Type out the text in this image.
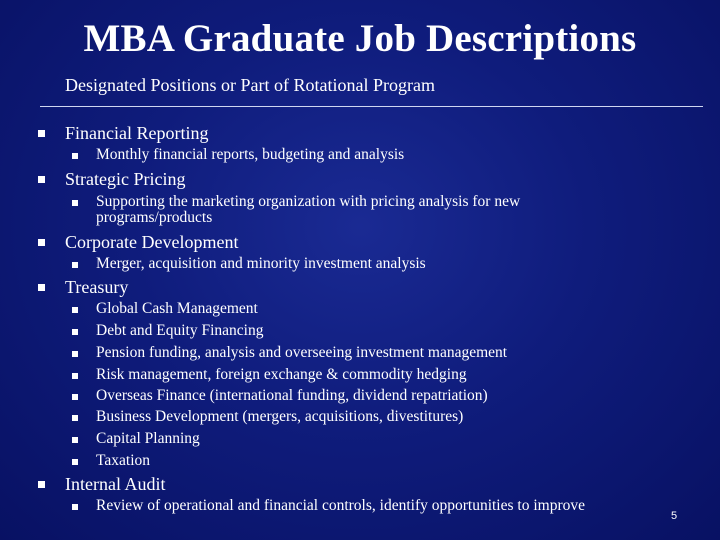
MBA Graduate Job Descriptions
Designated Positions or Part of Rotational Program
Financial Reporting
Monthly financial reports, budgeting and analysis
Strategic Pricing
Supporting the marketing organization with pricing analysis for new
programs/products
Corporate Development
Merger, acquisition and minority investment analysis
Treasury
Global Cash Management
Debt and Equity Financing
Pension funding, analysis and overseeing investment management
Risk management, foreign exchange & commodity hedging
Overseas Finance (international funding, dividend repatriation)
Business Development (mergers, acquisitions, divestitures)
Capital Planning
Taxation
Internal Audit
Review of operational and financial controls, identify opportunities to improve
5
